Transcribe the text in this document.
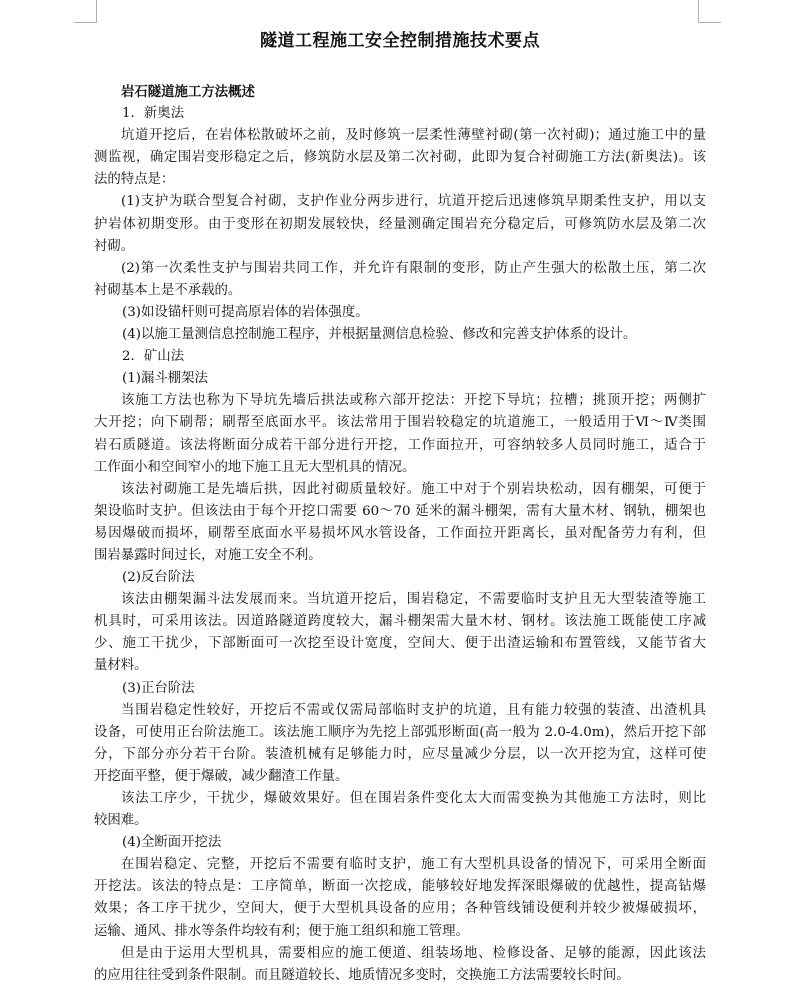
隧道工程施工安全控制措施技术要点
岩石隧道施工方法概述
1．新奥法
坑道开挖后，在岩体松散破坏之前，及时修筑一层柔性薄壁衬砌(第一次衬砌)；通过施工中的量
测监视，确定围岩变形稳定之后，修筑防水层及第二次衬砌，此即为复合衬砌施工方法(新奥法)。该
法的特点是：
(1)支护为联合型复合衬砌，支护作业分两步进行，坑道开挖后迅速修筑早期柔性支护，用以支
护岩体初期变形。由于变形在初期发展较快，经量测确定围岩充分稳定后，可修筑防水层及第二次
衬砌。
(2)第一次柔性支护与围岩共同工作，并允许有限制的变形，防止产生强大的松散土压，第二次
衬砌基本上是不承载的。
(3)如设锚杆则可提高原岩体的岩体强度。
(4)以施工量测信息控制施工程序，并根据量测信息检验、修改和完善支护体系的设计。
2．矿山法
(1)漏斗棚架法
该施工方法也称为下导坑先墙后拱法或称六部开挖法：开挖下导坑；拉槽；挑顶开挖；两侧扩
大开挖；向下刷帮；刷帮至底面水平。该法常用于围岩较稳定的坑道施工，一般适用于Ⅵ～Ⅳ类围
岩石质隧道。该法将断面分成若干部分进行开挖，工作面拉开，可容纳较多人员同时施工，适合于
工作面小和空间窄小的地下施工且无大型机具的情况。
该法衬砌施工是先墙后拱，因此衬砌质量较好。施工中对于个别岩块松动，因有棚架，可便于
架设临时支护。但该法由于每个开挖口需要 60～70 延米的漏斗棚架，需有大量木材、钢轨，棚架也
易因爆破而损坏，刷帮至底面水平易损坏风水管设备，工作面拉开距离长，虽对配备劳力有利，但
围岩暴露时间过长，对施工安全不利。
(2)反台阶法
该法由棚架漏斗法发展而来。当坑道开挖后，围岩稳定，不需要临时支护且无大型装渣等施工
机具时，可采用该法。因道路隧道跨度较大，漏斗棚架需大量木材、钢材。该法施工既能使工序减
少、施工干扰少，下部断面可一次挖至设计宽度，空间大、便于出渣运输和布置管线，又能节省大
量材料。
(3)正台阶法
当围岩稳定性较好，开挖后不需或仅需局部临时支护的坑道，且有能力较强的装渣、出渣机具
设备，可使用正台阶法施工。该法施工顺序为先挖上部弧形断面(高一般为 2.0-4.0m)，然后开挖下部
分，下部分亦分若干台阶。装渣机械有足够能力时，应尽量减少分层，以一次开挖为宜，这样可使
开挖面平整，便于爆破，减少翻渣工作量。
该法工序少，干扰少，爆破效果好。但在围岩条件变化太大而需变换为其他施工方法时，则比
较困难。
(4)全断面开挖法
在围岩稳定、完整，开挖后不需要有临时支护，施工有大型机具设备的情况下，可采用全断面
开挖法。该法的特点是：工序简单，断面一次挖成，能够较好地发挥深眼爆破的优越性，提高钻爆
效果；各工序干扰少，空间大，便于大型机具设备的应用；各种管线铺设便利并较少被爆破损坏，
运输、通风、排水等条件均较有利；便于施工组织和施工管理。
但是由于运用大型机具，需要相应的施工便道、组装场地、检修设备、足够的能源，因此该法
的应用往往受到条件限制。而且隧道较长、地质情况多变时，交换施工方法需要较长时间。
